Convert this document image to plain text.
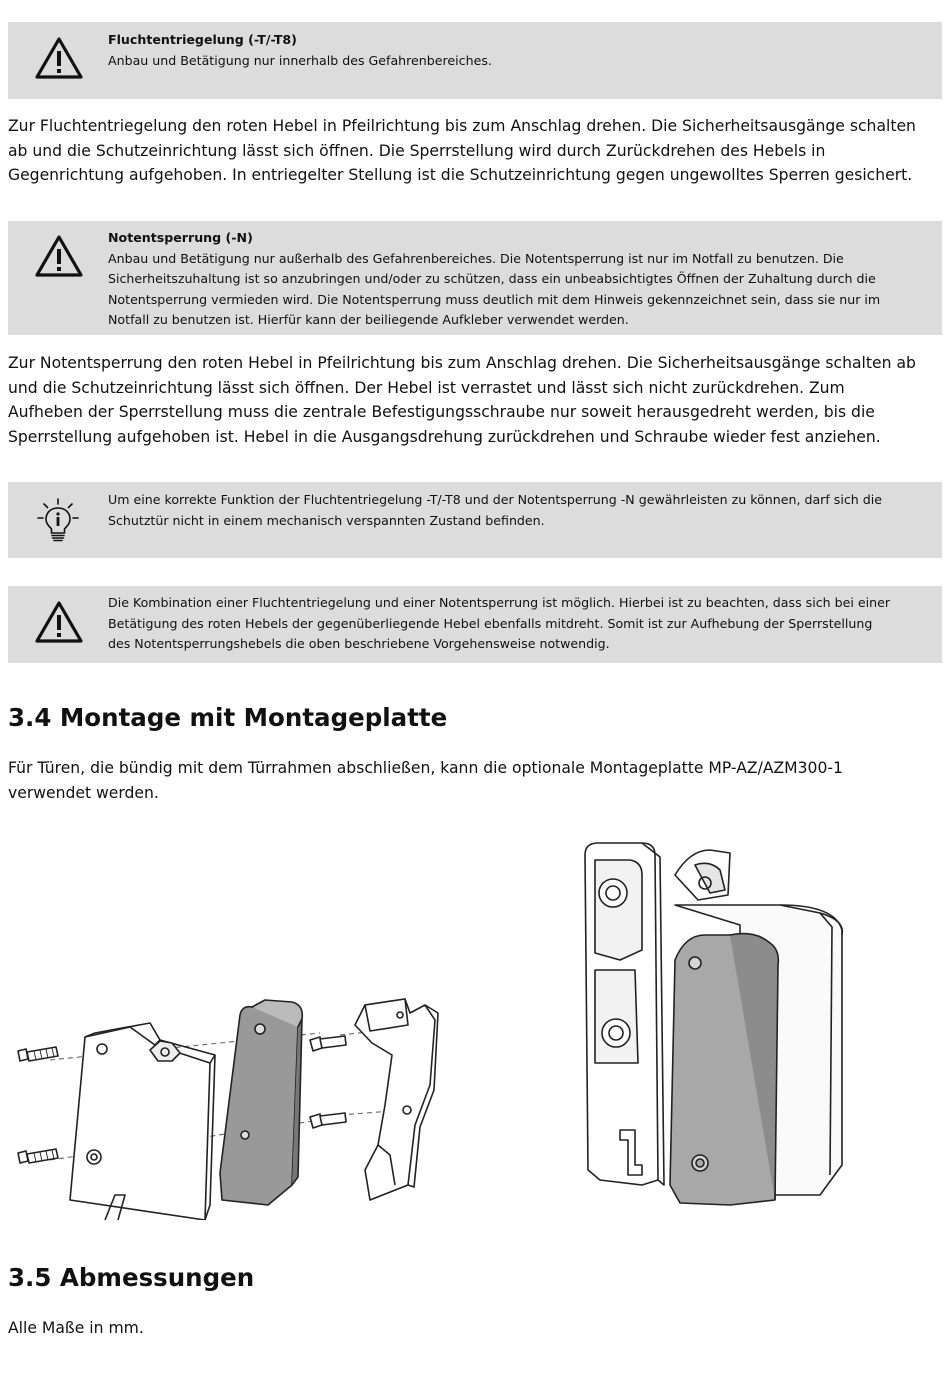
Fluchtentriegelung (-T/-T8)
Anbau und Betätigung nur innerhalb des Gefahrenbereiches.
Zur Fluchtentriegelung den roten Hebel in Pfeilrichtung bis zum Anschlag drehen. Die Sicherheitsausgänge schalten
ab und die Schutzeinrichtung lässt sich öffnen. Die Sperrstellung wird durch Zurückdrehen des Hebels in
Gegenrichtung aufgehoben. In entriegelter Stellung ist die Schutzeinrichtung gegen ungewolltes Sperren gesichert.
Notentsperrung (-N)
Anbau und Betätigung nur außerhalb des Gefahrenbereiches. Die Notentsperrung ist nur im Notfall zu benutzen. Die
Sicherheitszuhaltung ist so anzubringen und/oder zu schützen, dass ein unbeabsichtigtes Öffnen der Zuhaltung durch die
Notentsperrung vermieden wird. Die Notentsperrung muss deutlich mit dem Hinweis gekennzeichnet sein, dass sie nur im
Notfall zu benutzen ist. Hierfür kann der beiliegende Aufkleber verwendet werden.
Zur Notentsperrung den roten Hebel in Pfeilrichtung bis zum Anschlag drehen. Die Sicherheitsausgänge schalten ab
und die Schutzeinrichtung lässt sich öffnen. Der Hebel ist verrastet und lässt sich nicht zurückdrehen. Zum
Aufheben der Sperrstellung muss die zentrale Befestigungsschraube nur soweit herausgedreht werden, bis die
Sperrstellung aufgehoben ist. Hebel in die Ausgangsdrehung zurückdrehen und Schraube wieder fest anziehen.
Um eine korrekte Funktion der Fluchtentriegelung -T/-T8 und der Notentsperrung -N gewährleisten zu können, darf sich die
Schutztür nicht in einem mechanisch verspannten Zustand befinden.
Die Kombination einer Fluchtentriegelung und einer Notentsperrung ist möglich. Hierbei ist zu beachten, dass sich bei einer
Betätigung des roten Hebels der gegenüberliegende Hebel ebenfalls mitdreht. Somit ist zur Aufhebung der Sperrstellung
des Notentsperrungshebels die oben beschriebene Vorgehensweise notwendig.
3.4 Montage mit Montageplatte
Für Türen, die bündig mit dem Türrahmen abschließen, kann die optionale Montageplatte MP-AZ/AZM300-1
verwendet werden.
3.5 Abmessungen
Alle Maße in mm.
